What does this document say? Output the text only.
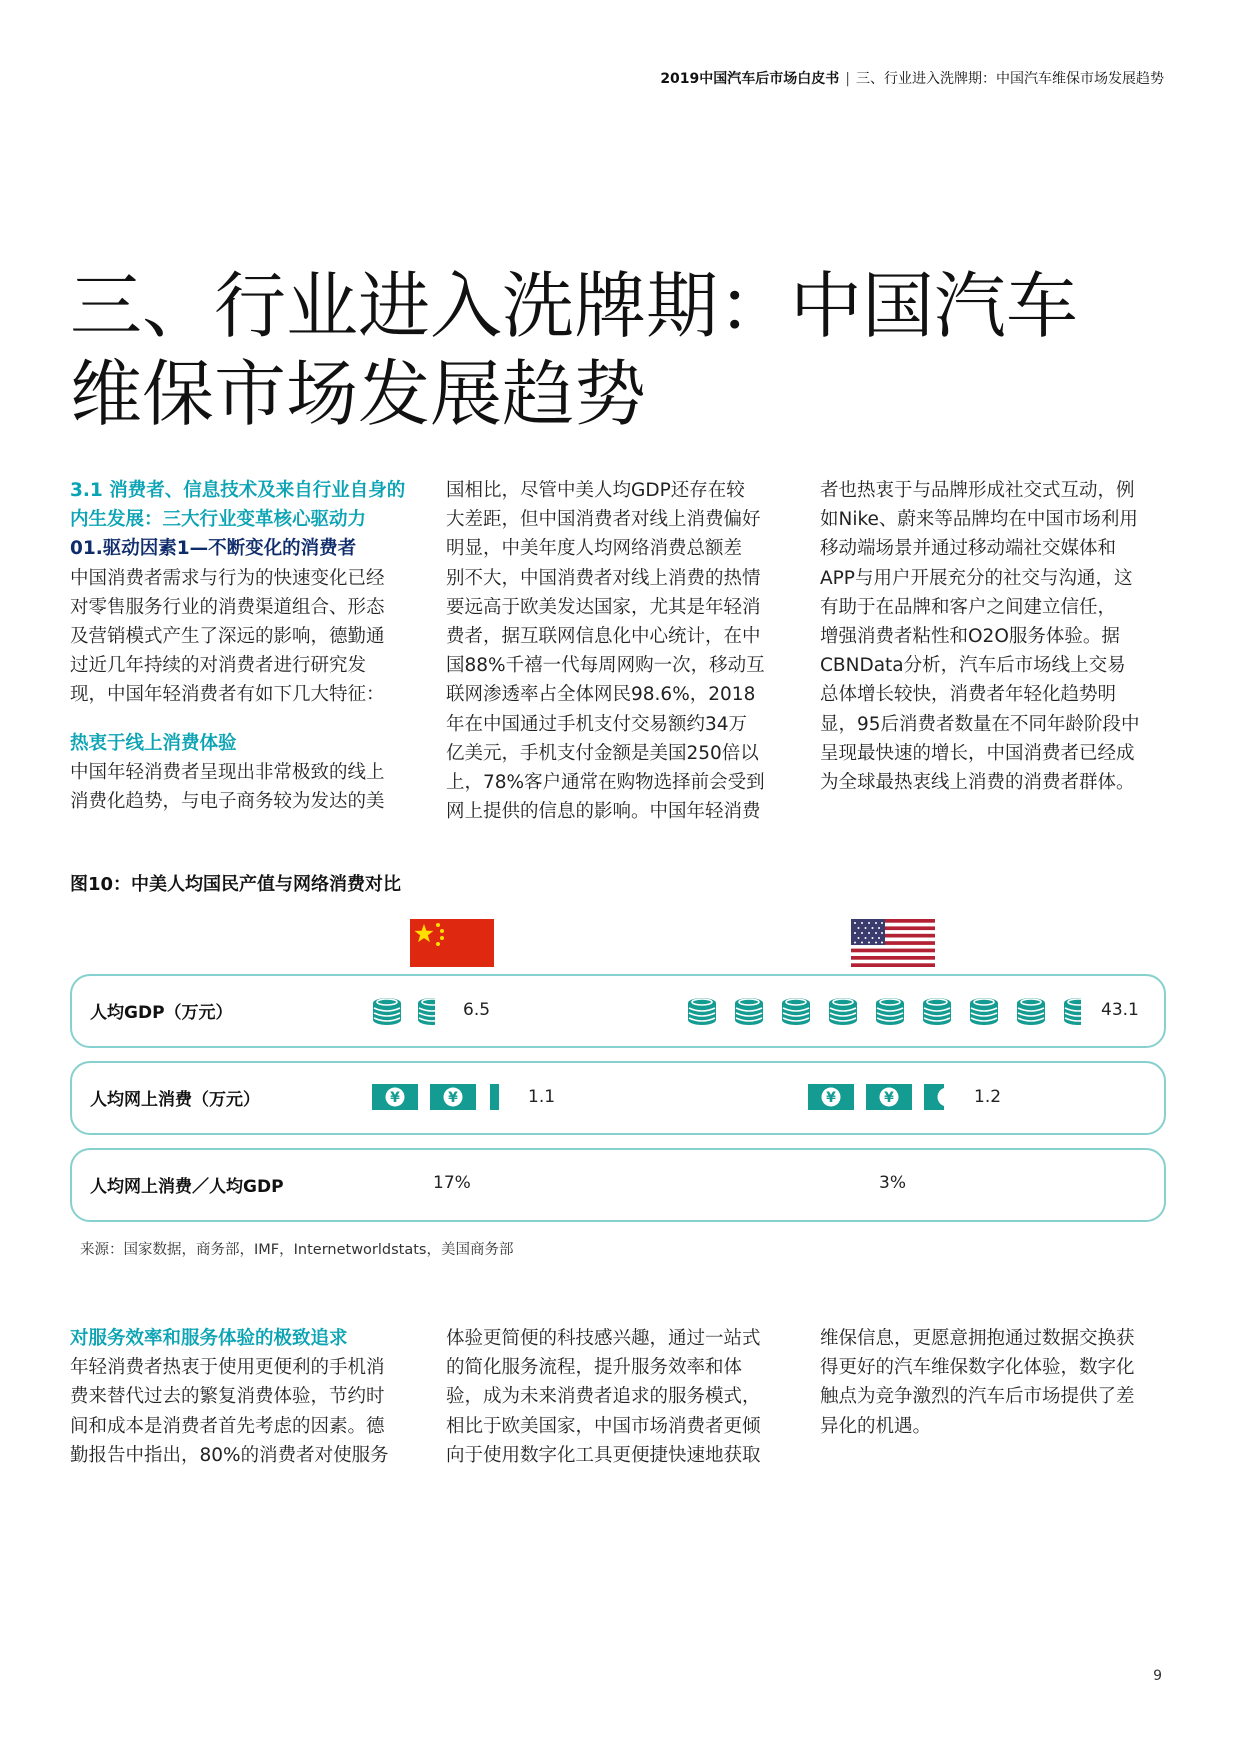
2019中国汽车后市场白皮书 | 三、行业进入洗牌期：中国汽车维保市场发展趋势
三、行业进入洗牌期：中国汽车
维保市场发展趋势

3.1 消费者、信息技术及来自行业自身的

内生发展：三大行业变革核心驱动力

01.驱动因素1—不断变化的消费者

中国消费者需求与行为的快速变化已经
对零售服务行业的消费渠道组合、形态
及营销模式产生了深远的影响，德勤通
过近几年持续的对消费者进行研究发
现，中国年轻消费者有如下几大特征：

热衷于线上消费体验

中国年轻消费者呈现出非常极致的线上
消费化趋势，与电子商务较为发达的美
国相比，尽管中美人均GDP还存在较
大差距，但中国消费者对线上消费偏好
明显，中美年度人均网络消费总额差
别不大，中国消费者对线上消费的热情
要远高于欧美发达国家，尤其是年轻消
费者，据互联网信息化中心统计，在中
国88%千禧一代每周网购一次，移动互
联网渗透率占全体网民98.6%，2018
年在中国通过手机支付交易额约34万
亿美元，手机支付金额是美国250倍以
上，78%客户通常在购物选择前会受到
网上提供的信息的影响。中国年轻消费
者也热衷于与品牌形成社交式互动，例
如Nike、蔚来等品牌均在中国市场利用
移动端场景并通过移动端社交媒体和
APP与用户开展充分的社交与沟通，这
有助于在品牌和客户之间建立信任，
增强消费者粘性和O2O服务体验。据
CBNData分析，汽车后市场线上交易
总体增长较快，消费者年轻化趋势明
显，95后消费者数量在不同年龄阶段中
呈现最快速的增长，中国消费者已经成
为全球最热衷线上消费的消费者群体。
图10：中美人均国民产值与网络消费对比
人均GDP（万元）	6.5	43.1
人均网上消费（万元）	¥	¥	1.1	¥	¥	1.2
人均网上消费／人均GDP	17%	3%
来源：国家数据，商务部，IMF，Internetworldstats，美国商务部

对服务效率和服务体验的极致追求

年轻消费者热衷于使用更便利的手机消
费来替代过去的繁复消费体验，节约时
间和成本是消费者首先考虑的因素。德
勤报告中指出，80%的消费者对使服务
体验更简便的科技感兴趣，通过一站式
的简化服务流程，提升服务效率和体
验，成为未来消费者追求的服务模式，
相比于欧美国家，中国市场消费者更倾
向于使用数字化工具更便捷快速地获取
维保信息，更愿意拥抱通过数据交换获
得更好的汽车维保数字化体验，数字化
触点为竞争激烈的汽车后市场提供了差
异化的机遇。
9
